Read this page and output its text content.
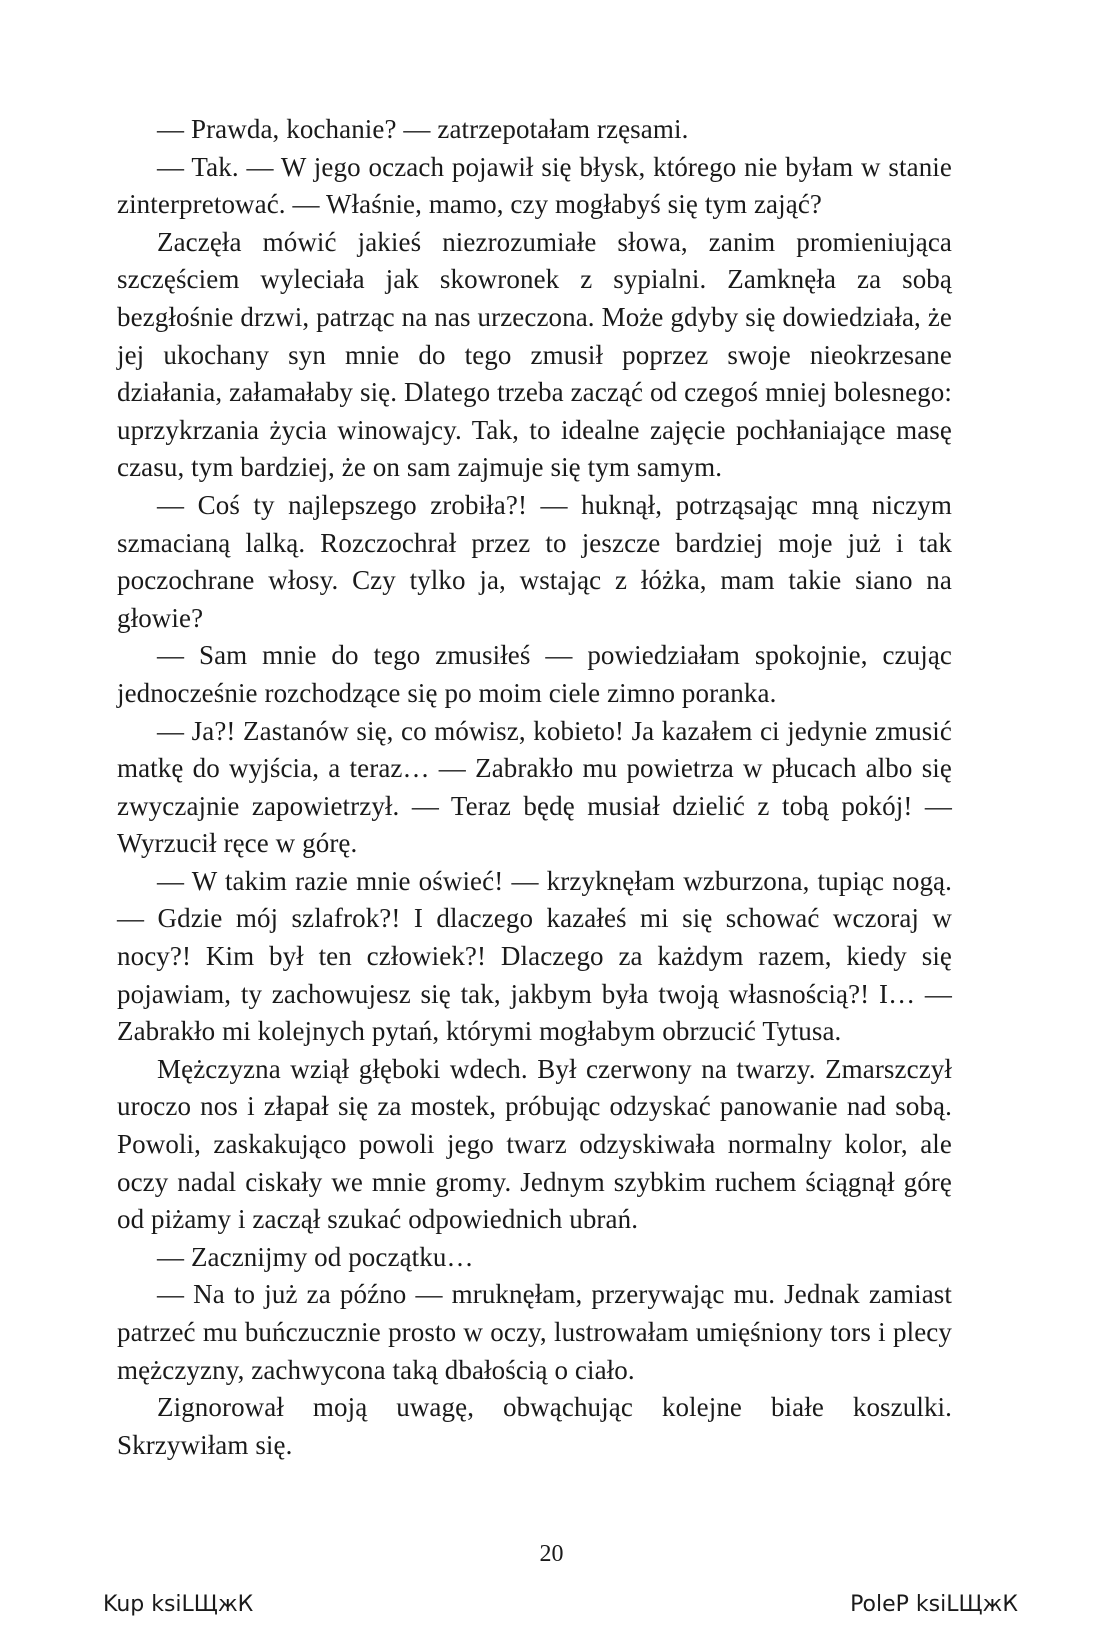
— Prawda, kochanie? — zatrzepotałam rzęsami.

— Tak. — W jego oczach pojawił się błysk, którego nie byłam w stanie zinterpretować. — Właśnie, mamo, czy mogłabyś się tym zająć?

Zaczęła mówić jakieś niezrozumiałe słowa, zanim promieniująca szczęściem wyleciała jak skowronek z sypialni. Zamknęła za sobą bezgłośnie drzwi, patrząc na nas urzeczona. Może gdyby się dowiedziała, że jej ukochany syn mnie do tego zmusił poprzez swoje nieokrzesane działania, załamałaby się. Dlatego trzeba zacząć od czegoś mniej bolesnego: uprzykrzania życia winowajcy. Tak, to idealne zajęcie pochłaniające masę czasu, tym bardziej, że on sam zajmuje się tym samym.

— Coś ty najlepszego zrobiła?! — huknął, potrząsając mną niczym szmacianą lalką. Rozczochrał przez to jeszcze bardziej moje już i tak poczochrane włosy. Czy tylko ja, wstając z łóżka, mam takie siano na głowie?

— Sam mnie do tego zmusiłeś — powiedziałam spokojnie, czując jednocześnie rozchodzące się po moim ciele zimno poranka.

— Ja?! Zastanów się, co mówisz, kobieto! Ja kazałem ci jedynie zmusić matkę do wyjścia, a teraz… — Zabrakło mu powietrza w płucach albo się zwyczajnie zapowietrzył. — Teraz będę musiał dzielić z tobą pokój! — Wyrzucił ręce w górę.

— W takim razie mnie oświeć! — krzyknęłam wzburzona, tupiąc nogą. — Gdzie mój szlafrok?! I dlaczego kazałeś mi się schować wczoraj w nocy?! Kim był ten człowiek?! Dlaczego za każdym razem, kiedy się pojawiam, ty zachowujesz się tak, jakbym była twoją własnością?! I… — Zabrakło mi kolejnych pytań, którymi mogłabym obrzucić Tytusa.

Mężczyzna wziął głęboki wdech. Był czerwony na twarzy. Zmarszczył uroczo nos i złapał się za mostek, próbując odzyskać panowanie nad sobą. Powoli, zaskakująco powoli jego twarz odzyskiwała normalny kolor, ale oczy nadal ciskały we mnie gromy. Jednym szybkim ruchem ściągnął górę od piżamy i zaczął szukać odpowiednich ubrań.

— Zacznijmy od początku…

— Na to już za późno — mruknęłam, przerywając mu. Jednak zamiast patrzeć mu buńczucznie prosto w oczy, lustrowałam umięśniony tors i plecy mężczyzny, zachwycona taką dbałością o ciało.

Zignorował moją uwagę, obwąchując kolejne białe koszulki. Skrzywiłam się.

20
Kup ksiLЩжК	PoleP ksiLЩжК
